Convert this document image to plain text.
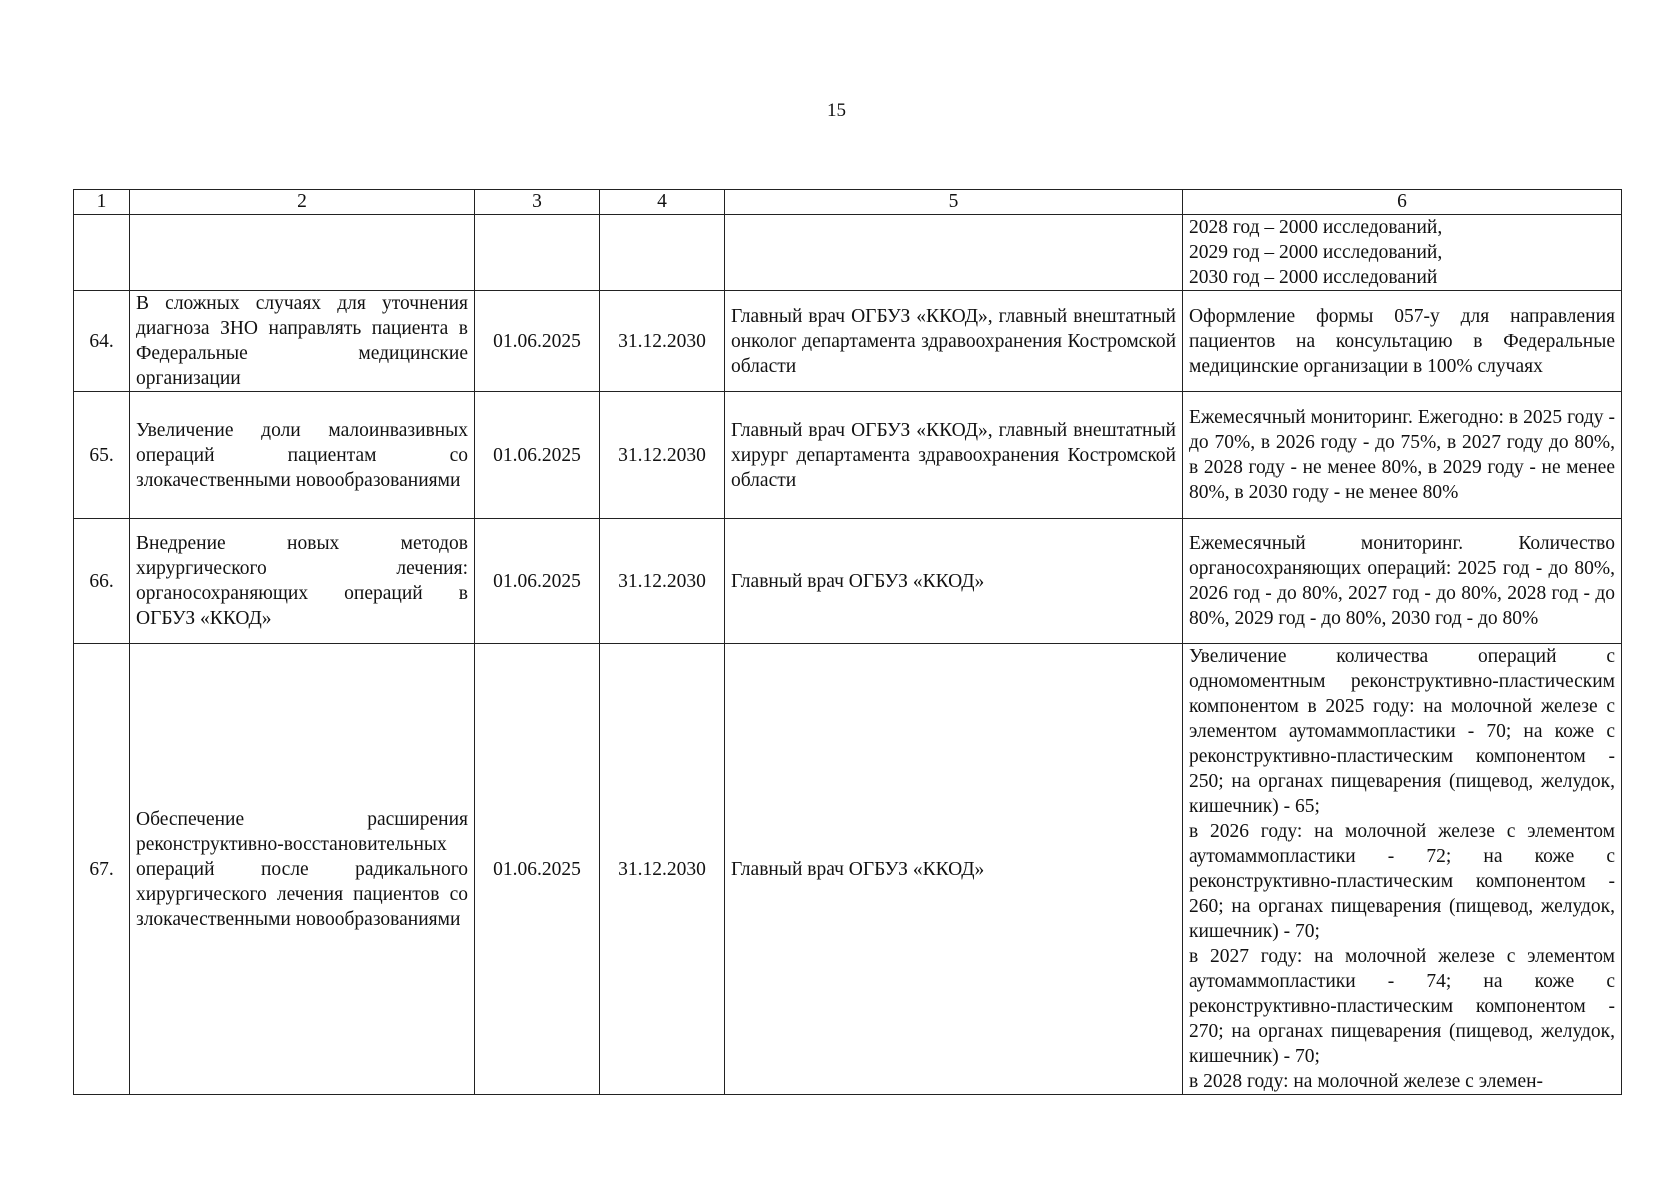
15
1	2	3	4	5	6

					2028 год – 2000 исследований,
2029 год – 2000 исследований,
2030 год – 2000 исследований

64.	В сложных случаях для уточнения диагноза ЗНО направлять пациента в Федеральные медицинские организации	01.06.2025	31.12.2030	Главный врач ОГБУЗ «ККОД», главный внештатный онколог департамента здравоохранения Костромской области	Оформление формы 057-у для направления пациентов на консультацию в Федеральные медицинские организации в 100% случаях
65.	Увеличение доли малоинвазивных операций пациентам со злокачественными новообразованиями	01.06.2025	31.12.2030	Главный врач ОГБУЗ «ККОД», главный внештатный хирург департамента здравоохранения Костромской области	Ежемесячный мониторинг. Ежегодно: в 2025 году - до 70%, в 2026 году - до 75%, в 2027 году до 80%, в 2028 году - не менее 80%, в 2029 году - не менее 80%, в 2030 году - не менее 80%
66.	Внедрение новых методов хирургического лечения: органосохраняющих операций в ОГБУЗ «ККОД»	01.06.2025	31.12.2030	Главный врач ОГБУЗ «ККОД»	Ежемесячный мониторинг. Количество органосохраняющих операций: 2025 год - до 80%, 2026 год - до 80%, 2027 год - до 80%, 2028 год - до 80%, 2029 год - до 80%, 2030 год - до 80%
67.	Обеспечение расширения реконструктивно-восстановительных операций после радикального хирургического лечения пациентов со злокачественными новообразованиями	01.06.2025	31.12.2030	Главный врач ОГБУЗ «ККОД»	Увеличение количества операций с одномоментным реконструктивно-пластическим компонентом в 2025 году: на молочной железе с элементом аутомаммопластики - 70; на коже с реконструктивно-пластическим компонентом - 250; на органах пищеварения (пищевод, желудок, кишечник) - 65;
в 2026 году: на молочной железе с элементом аутомаммопластики - 72; на коже с реконструктивно-пластическим компонентом - 260; на органах пищеварения (пищевод, желудок, кишечник) - 70;
в 2027 году: на молочной железе с элементом аутомаммопластики - 74; на коже с реконструктивно-пластическим компонентом - 270; на органах пищеварения (пищевод, желудок, кишечник) - 70;
в 2028 году: на молочной железе с элемен-
